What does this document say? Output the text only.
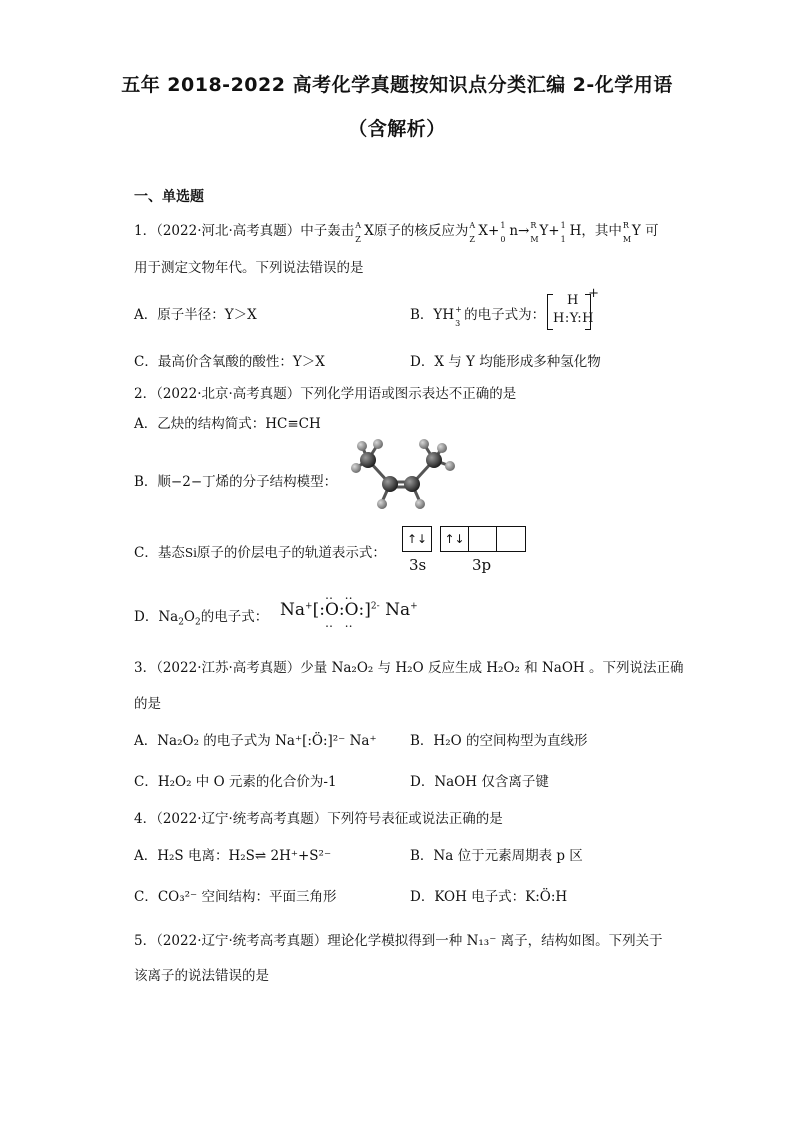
五年 2018-2022 高考化学真题按知识点分类汇编 2-化学用语
（含解析）
一、单选题
1．（2022·河北·高考真题）中子轰击 A
Z X原子的核反应为 A
Z X+ 1
0 n→ R
M Y+ 1
1 H，其中 R
M Y 可
用于测定文物年代。下列说法错误的是
A．原子半径：Y＞X	B．YH +
3 的电子式为：
H
H:Y:H
+
C．最高价含氧酸的酸性：Y＞X	D．X 与 Y 均能形成多种氢化物
2．（2022·北京·高考真题）下列化学用语或图示表达不正确的是
A．乙炔的结构简式：HC≡CH
B．顺−2−丁烯的分子结构模型：
C．基态Si原子的价层电子的轨道表示式：
↑↓	↑↓
3s	3p
D．$Na_2O_2$的电子式： Na+[:‥ O ‥:‥ O ‥:]$^{2-}$ Na+
3．（2022·江苏·高考真题）少量 Na₂O₂ 与 H₂O 反应生成 H₂O₂ 和 NaOH 。下列说法正确
的是
A．Na₂O₂ 的电子式为 Na⁺[:Ö:]²⁻ Na⁺ B．H₂O 的空间构型为直线形
C．H₂O₂ 中 O 元素的化合价为-1	D．NaOH 仅含离子键
4．（2022·辽宁·统考高考真题）下列符号表征或说法正确的是
A．H₂S 电离：H₂S⇌ 2H⁺+S²⁻	B．Na 位于元素周期表 p 区
C．CO₃²⁻ 空间结构：平面三角形	D．KOH 电子式：K:Ö:H
5．（2022·辽宁·统考高考真题）理论化学模拟得到一种 N₁₃⁻ 离子，结构如图。下列关于
该离子的说法错误的是
